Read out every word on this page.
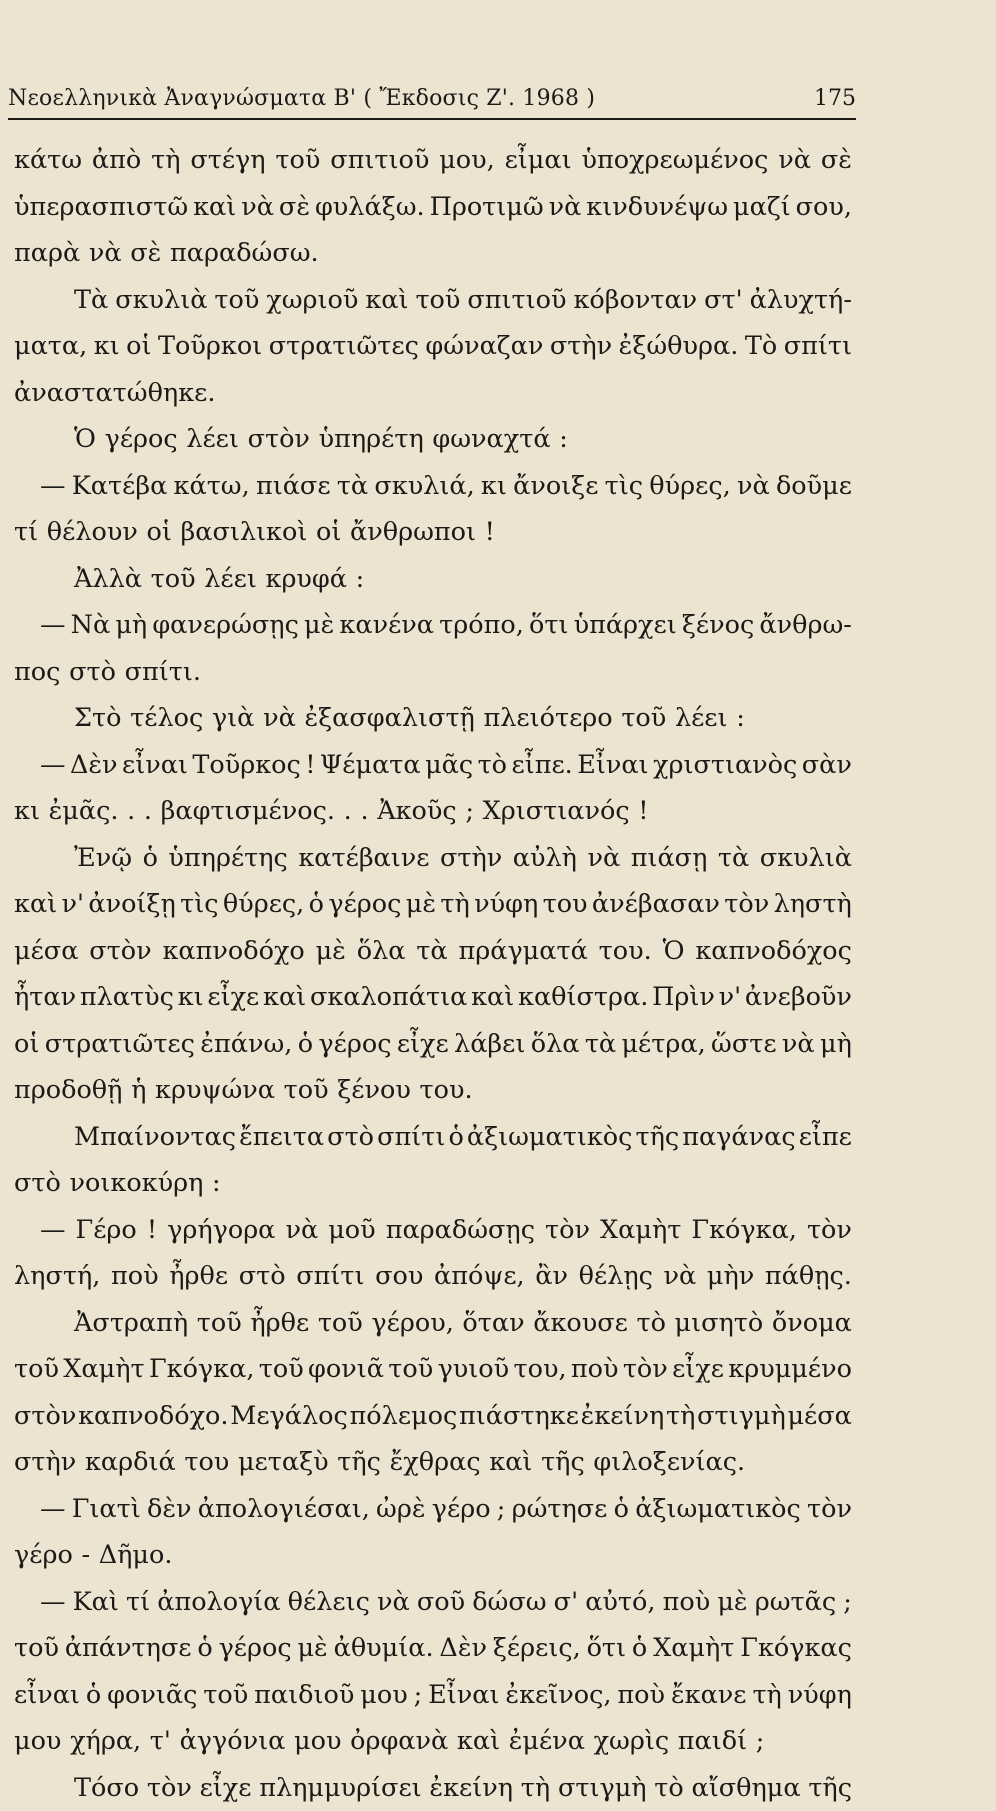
Νεοελληνικὰ Ἀναγνώσματα Β' ( Ἔκδοσις Ζ'. 1968 )	175
κάτω ἀπὸ τὴ στέγη τοῦ σπιτιοῦ μου, εἶμαι ὑποχρεωμένος νὰ σὲ
ὑπερασπιστῶ καὶ νὰ σὲ φυλάξω. Προτιμῶ νὰ κινδυνέψω μαζί σου,
παρὰ νὰ σὲ παραδώσω.
Τὰ σκυλιὰ τοῦ χωριοῦ καὶ τοῦ σπιτιοῦ κόβονταν στ' ἀλυχτή-
ματα, κι οἱ Τοῦρκοι στρατιῶτες φώναζαν στὴν ἐξώθυρα. Τὸ σπίτι
ἀναστατώθηκε.
Ὁ γέρος λέει στὸν ὑπηρέτη φωναχτά :
— Κατέβα κάτω, πιάσε τὰ σκυλιά, κι ἄνοιξε τὶς θύρες, νὰ δοῦμε
τί θέλουν οἱ βασιλικοὶ οἱ ἄνθρωποι !
Ἀλλὰ τοῦ λέει κρυφά :
— Νὰ μὴ φανερώσῃς μὲ κανένα τρόπο, ὅτι ὑπάρχει ξένος ἄνθρω-
πος στὸ σπίτι.
Στὸ τέλος γιὰ νὰ ἐξασφαλιστῇ πλειότερο τοῦ λέει :
— Δὲν εἶναι Τοῦρκος ! Ψέματα μᾶς τὸ εἶπε. Εἶναι χριστιανὸς σὰν
κι ἐμᾶς. . . βαφτισμένος. . . Ἀκοῦς ; Χριστιανός !
Ἐνῷ ὁ ὑπηρέτης κατέβαινε στὴν αὐλὴ νὰ πιάσῃ τὰ σκυλιὰ
καὶ ν' ἀνοίξῃ τὶς θύρες, ὁ γέρος μὲ τὴ νύφη του ἀνέβασαν τὸν ληστὴ
μέσα στὸν καπνοδόχο μὲ ὅλα τὰ πράγματά του. Ὁ καπνοδόχος
ἦταν πλατὺς κι εἶχε καὶ σκαλοπάτια καὶ καθίστρα. Πρὶν ν' ἀνεβοῦν
οἱ στρατιῶτες ἐπάνω, ὁ γέρος εἶχε λάβει ὅλα τὰ μέτρα, ὥστε νὰ μὴ
προδοθῇ ἡ κρυψώνα τοῦ ξένου του.
Μπαίνοντας ἔπειτα στὸ σπίτι ὁ ἀξιωματικὸς τῆς παγάνας εἶπε
στὸ νοικοκύρη :
— Γέρο ! γρήγορα νὰ μοῦ παραδώσῃς τὸν Χαμὴτ Γκόγκα, τὸν
ληστή, ποὺ ἦρθε στὸ σπίτι σου ἀπόψε, ἂν θέλῃς νὰ μὴν πάθῃς.
Ἀστραπὴ τοῦ ἦρθε τοῦ γέρου, ὅταν ἄκουσε τὸ μισητὸ ὄνομα
τοῦ Χαμὴτ Γκόγκα, τοῦ φονιᾶ τοῦ γυιοῦ του, ποὺ τὸν εἶχε κρυμμένο
στὸν καπνοδόχο. Μεγάλος πόλεμος πιάστηκε ἐκείνη τὴ στιγμὴ μέσα
στὴν καρδιά του μεταξὺ τῆς ἔχθρας καὶ τῆς φιλοξενίας.
— Γιατὶ δὲν ἀπολογιέσαι, ὠρὲ γέρο ; ρώτησε ὁ ἀξιωματικὸς τὸν
γέρο - Δῆμο.
— Καὶ τί ἀπολογία θέλεις νὰ σοῦ δώσω σ' αὐτό, ποὺ μὲ ρωτᾶς ;
τοῦ ἀπάντησε ὁ γέρος μὲ ἀθυμία. Δὲν ξέρεις, ὅτι ὁ Χαμὴτ Γκόγκας
εἶναι ὁ φονιᾶς τοῦ παιδιοῦ μου ; Εἶναι ἐκεῖνος, ποὺ ἔκανε τὴ νύφη
μου χήρα, τ' ἀγγόνια μου ὀρφανὰ καὶ ἐμένα χωρὶς παιδί ;
Τόσο τὸν εἶχε πλημμυρίσει ἐκείνη τὴ στιγμὴ τὸ αἴσθημα τῆς
